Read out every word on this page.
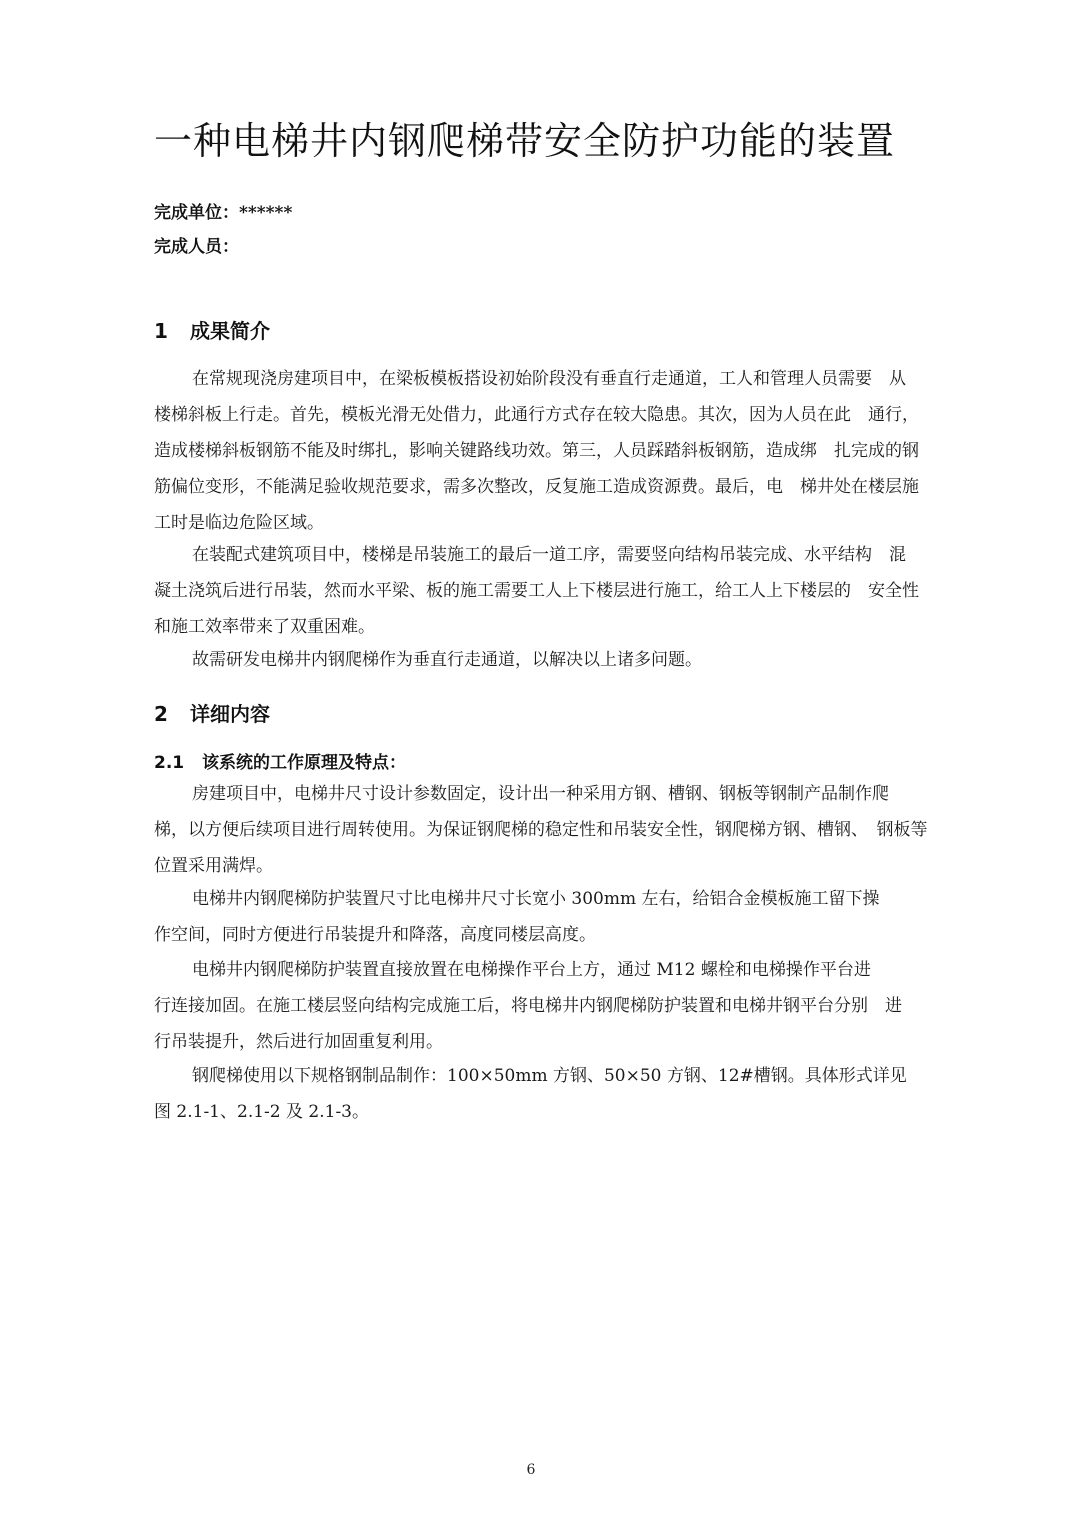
一种电梯井内钢爬梯带安全防护功能的装置
完成单位：******
完成人员：
1 成果简介
在常规现浇房建项目中，在梁板模板搭设初始阶段没有垂直行走通道，工人和管理人员需要　从
楼梯斜板上行走。首先，模板光滑无处借力，此通行方式存在较大隐患。其次，因为人员在此　通行，
造成楼梯斜板钢筋不能及时绑扎，影响关键路线功效。第三，人员踩踏斜板钢筋，造成绑　扎完成的钢
筋偏位变形，不能满足验收规范要求，需多次整改，反复施工造成资源费。最后，电　梯井处在楼层施
工时是临边危险区域。
在装配式建筑项目中，楼梯是吊装施工的最后一道工序，需要竖向结构吊装完成、水平结构　混
凝土浇筑后进行吊装，然而水平梁、板的施工需要工人上下楼层进行施工，给工人上下楼层的　安全性
和施工效率带来了双重困难。
故需研发电梯井内钢爬梯作为垂直行走通道，以解决以上诸多问题。
2 详细内容
2.1 该系统的工作原理及特点：
房建项目中，电梯井尺寸设计参数固定，设计出一种采用方钢、槽钢、钢板等钢制产品制作爬
梯，以方便后续项目进行周转使用。为保证钢爬梯的稳定性和吊装安全性，钢爬梯方钢、槽钢、　钢板等
位置采用满焊。
电梯井内钢爬梯防护装置尺寸比电梯井尺寸长宽小 300mm 左右，给铝合金模板施工留下操
作空间，同时方便进行吊装提升和降落，高度同楼层高度。
电梯井内钢爬梯防护装置直接放置在电梯操作平台上方，通过 M12 螺栓和电梯操作平台进
行连接加固。在施工楼层竖向结构完成施工后，将电梯井内钢爬梯防护装置和电梯井钢平台分别　进
行吊装提升，然后进行加固重复利用。
钢爬梯使用以下规格钢制品制作：100×50mm 方钢、50×50 方钢、12#槽钢。具体形式详见
图 2.1-1、2.1-2 及 2.1-3。
6
